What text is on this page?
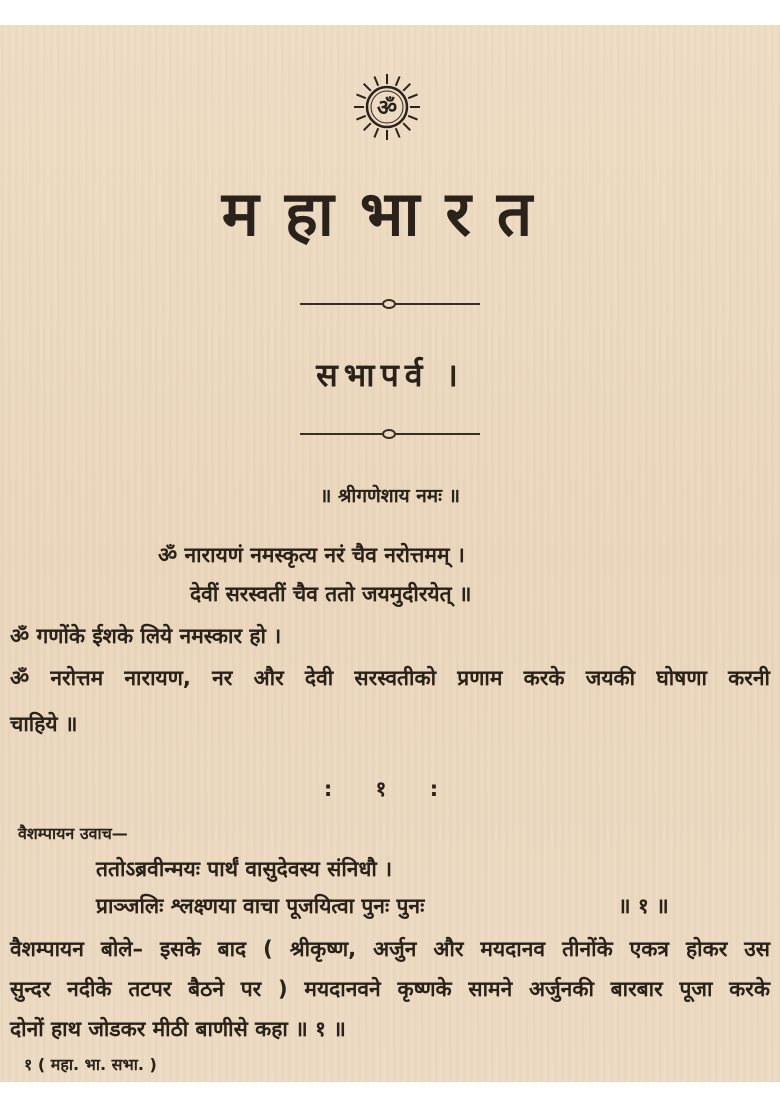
ॐ
महाभारत
सभापर्व ।
॥ श्रीगणेशाय नमः ॥
ॐ नारायणं नमस्कृत्य नरं चैव नरोत्तमम् ।
देवीं सरस्वतीं चैव ततो जयमुदीरयेत् ॥
ॐ गणोंके ईशके लिये नमस्कार हो ।
ॐ नरोत्तम नारायण, नर और देवी सरस्वतीको प्रणाम करके जयकी घोषणा करनी
चाहिये ॥
: १ :
वैशम्पायन उवाच—
ततोऽब्रवीन्मयः पार्थं वासुदेवस्य संनिधौ ।
प्राञ्जलिः श्लक्ष्णया वाचा पूजयित्वा पुनः पुनः	॥ १ ॥
वैशम्पायन बोले– इसके बाद ( श्रीकृष्ण, अर्जुन और मयदानव तीनोंके एकत्र होकर उस
सुन्दर नदीके तटपर बैठने पर ) मयदानवने कृष्णके सामने अर्जुनकी बारबार पूजा करके
दोनों हाथ जोडकर मीठी बाणीसे कहा ॥ १ ॥
१ ( महा. भा. सभा. )
